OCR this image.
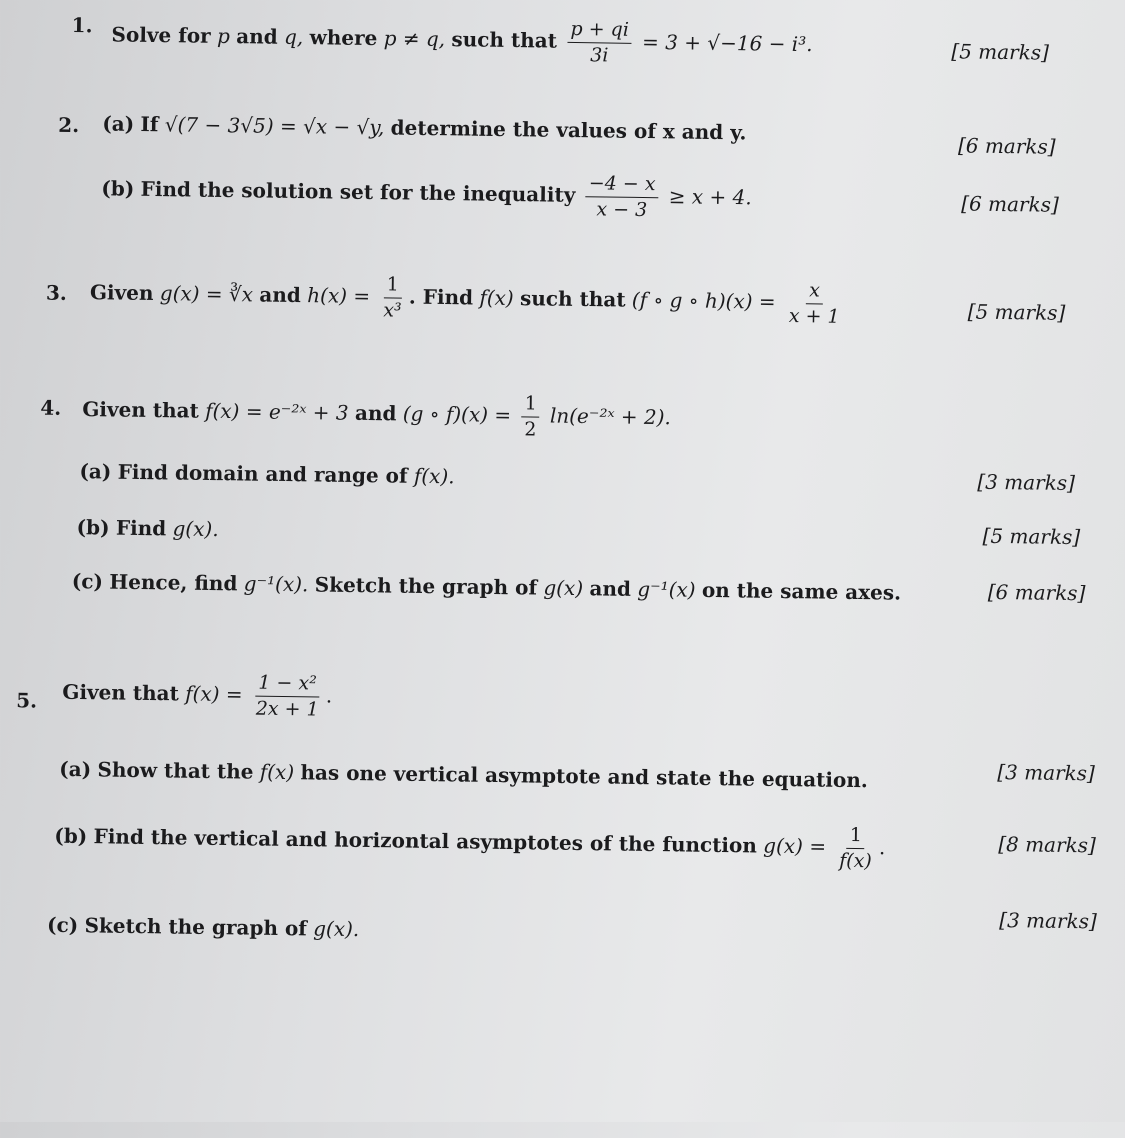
1. Solve for p and q, where p ≠ q, such that $\frac{p + qi}{3i} = 3 + √-16 - i^3$.	[5 marks]
2. (a) If √(7 − 3√5) = √x − √y, determine the values of x and y.
[6 marks]
(b) Find the solution set for the inequality $\frac{-4 - x}{x - 3} \ge x + 4$.	[6 marks]
3. Given g(x) = ∛x and $h(x) = \frac{1}{\text{x³}}$ . Find f(x) such that (f ∘ g ∘ $h)(x) = \frac{x}{x + 1}$	[5 marks]
4. Given that f(x) = e⁻²ˣ + 3 and (g ∘ $f)(x) = \frac{1}{2}$ ln(e⁻²ˣ + 2).
(a) Find domain and range of f(x).	[3 marks]
(b) Find g(x).	[5 marks]
(c) Hence, find g⁻¹(x). Sketch the graph of g(x) and g⁻¹(x) on the same axes.	[6 marks]
5. Given that $f(x) = \frac{\text{1 − x²}}{2x + 1}$ .
(a) Show that the f(x) has one vertical asymptote and state the equation.	[3 marks]
(b) Find the vertical and horizontal asymptotes of the function $g(x) = \frac{1}{f(x)}$ .	[8 marks]
(c) Sketch the graph of g(x).	[3 marks]
